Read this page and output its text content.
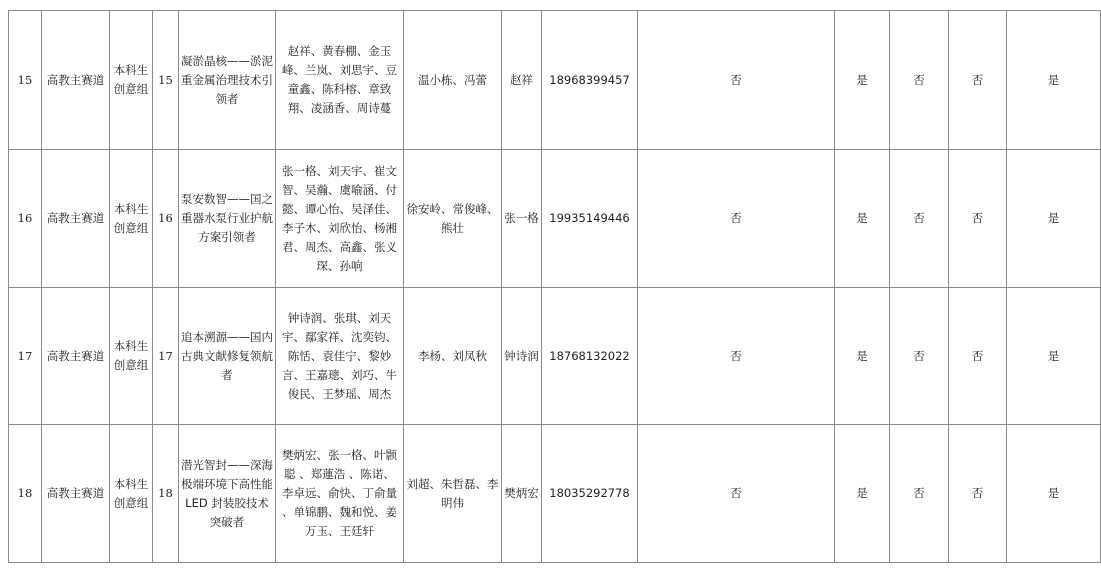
15	高教主赛道	本科生创意组	15	凝淤晶核——淤泥重金属治理技术引领者	赵祥、黄春棚、金玉峰、兰岚、刘思宇、豆童鑫、陈科榕、章致翔、凌涵香、周诗蔓	温小栋、冯蕾	赵祥	18968399457	否	是	否	否	是
16	高教主赛道	本科生创意组	16	泵安数智——国之重器水泵行业护航方案引领者	张一格、刘天宇、崔文智、吴瀚、虞喻涵、付懿、谭心怡、吴泽佳、李子木、刘欣怡、杨湘君、周杰、高鑫、张义琛、孙响	徐安岭、常俊峰、熊壮	张一格	19935149446	否	是	否	否	是
17	高教主赛道	本科生创意组	17	追本溯源——国内古典文献修复领航者	钟诗润、张琪、刘天宇、鄢家祥、沈奕钧、陈恬、袁佳宁、黎妙言、王嘉璁、刘巧、牛俊民、王梦瑶、周杰	李杨、刘凤秋	钟诗润	18768132022	否	是	否	否	是
18	高教主赛道	本科生创意组	18	潜光智封——深海极端环境下高性能LED 封装胶技术突破者	樊炳宏、张一格、叶颢聪 、郑蓮浩 、陈诺、 李卓远、俞快、丁俞量 、单锦鹏、魏和悦、姜万玉、王廷轩	刘超、朱哲磊、李明伟	樊炳宏	18035292778	否	是	否	否	是
